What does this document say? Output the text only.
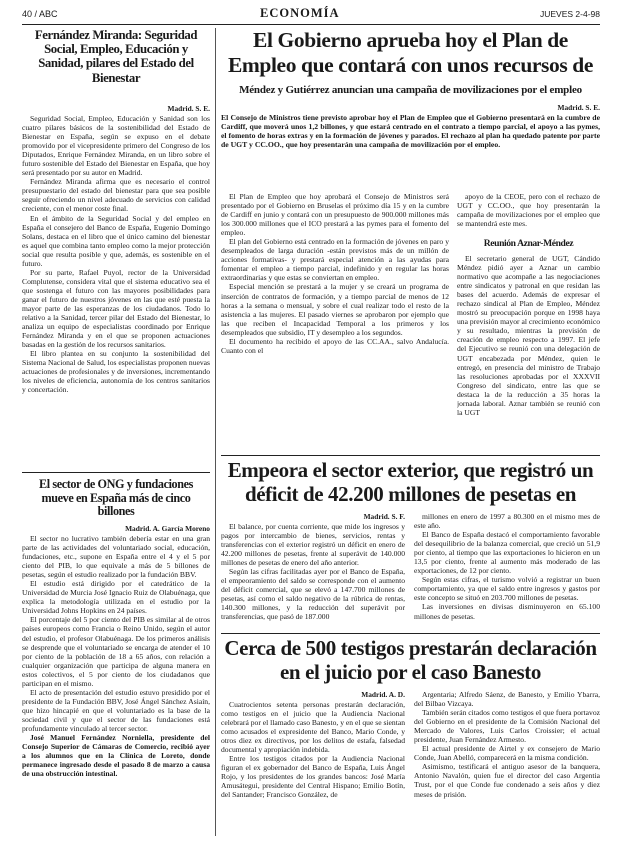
40 / ABC	ECONOMÍA	JUEVES 2-4-98
Fernández Miranda: Seguridad Social, Empleo, Educación y Sanidad, pilares del Estado del Bienestar
Madrid. S. E.

Seguridad Social, Empleo, Educación y Sanidad son los cuatro pilares básicos de la sostenibilidad del Estado de Bienestar en España, según se expuso en el debate promovido por el vicepresidente primero del Congreso de los Diputados, Enrique Fernández Miranda, en un libro sobre el futuro sostenible del Estado del Bienestar en España, que hoy será presentado por su autor en Madrid.

Fernández Miranda afirma que es necesario el control presupuestario del estado del bienestar para que sea posible seguir ofreciendo un nivel adecuado de servicios con calidad creciente, con el menor coste final.

En el ámbito de la Seguridad Social y del empleo en España el consejero del Banco de España, Eugenio Domingo Solans, destaca en el libro que el único camino del bienestar es aquel que combina tanto empleo como la mejor protección social que resulta posible y que, además, es sostenible en el futuro.

Por su parte, Rafael Puyol, rector de la Universidad Complutense, considera vital que el sistema educativo sea el que sostenga el futuro con las mayores posibilidades para ganar el futuro de nuestros jóvenes en las que esté puesta la mayor parte de las esperanzas de los ciudadanos. Todo lo relativo a la Sanidad, tercer pilar del Estado del Bienestar, lo analiza un equipo de especialistas coordinado por Enrique Fernández Miranda y en el que se proponen actuaciones basadas en la gestión de los recursos sanitarios.

El libro plantea en su conjunto la sostenibilidad del Sistema Nacional de Salud, los especialistas proponen nuevas actuaciones de profesionales y de inversiones, incrementando los niveles de eficiencia, autonomía de los centros sanitarios y concertación.

El sector de ONG y fundaciones mueve en España más de cinco billones
Madrid. A. García Moreno

El sector no lucrativo también debería estar en una gran parte de las actividades del voluntariado social, educación, fundaciones, etc., supone en España entre el 4 y el 5 por ciento del PIB, lo que equivale a más de 5 billones de pesetas, según el estudio realizado por la fundación BBV.

El estudio está dirigido por el catedrático de la Universidad de Murcia José Ignacio Ruiz de Olabuénaga, que explica la metodología utilizada en el estudio por la Universidad Johns Hopkins en 24 países.

El porcentaje del 5 por ciento del PIB es similar al de otros países europeos como Francia o Reino Unido, según el autor del estudio, el profesor Olabuénaga. De los primeros análisis se desprende que el voluntariado se encarga de atender el 10 por ciento de la población de 18 a 65 años, con relación a cualquier organización que participa de alguna manera en estos colectivos, el 5 por ciento de los ciudadanos que participan en el mismo.

El acto de presentación del estudio estuvo presidido por el presidente de la Fundación BBV, José Ángel Sánchez Asiaín, que hizo hincapié en que el voluntariado es la base de la sociedad civil y que el sector de las fundaciones está profundamente vinculado al tercer sector.

José Manuel Fernández Norniella, presidente del Consejo Superior de Cámaras de Comercio, recibió ayer a los alumnos que en la Clínica de Loreto, donde permanece ingresado desde el pasado 8 de marzo a causa de una obstrucción intestinal.

El Gobierno aprueba hoy el Plan de Empleo que contará con unos recursos de
Méndez y Gutiérrez anuncian una campaña de movilizaciones por el empleo
Madrid. S. E.
El Consejo de Ministros tiene previsto aprobar hoy el Plan de Empleo que el Gobierno presentará en la cumbre de Cardiff, que moverá unos 1,2 billones, y que estará centrado en el contrato a tiempo parcial, el apoyo a las pymes, el fomento de horas extras y en la formación de jóvenes y parados. El rechazo al plan ha quedado patente por parte de UGT y CC.OO., que hoy presentarán una campaña de movilización por el empleo.

El Plan de Empleo que hoy aprobará el Consejo de Ministros será presentado por el Gobierno en Bruselas el próximo día 15 y en la cumbre de Cardiff en junio y contará con un presupuesto de 900.000 millones más los 300.000 millones que el ICO prestará a las pymes para el fomento del empleo.

El plan del Gobierno está centrado en la formación de jóvenes en paro y desempleados de larga duración -están previstos más de un millón de acciones formativas- y prestará especial atención a las ayudas para fomentar el empleo a tiempo parcial, indefinido y en regular las horas extraordinarias y que estas se conviertan en empleo.

Especial mención se prestará a la mujer y se creará un programa de inserción de contratos de formación, y a tiempo parcial de menos de 12 horas a la semana o mensual, y sobre el cual realizar todo el resto de la asistencia a las mujeres. El pasado viernes se aprobaron por ejemplo que las que reciben el Incapacidad Temporal a los primeros y los desempleados que subsidio, IT y desempleo a los segundos.

El documento ha recibido el apoyo de las CC.AA., salvo Andalucía. Cuanto con el

apoyo de la CEOE, pero con el rechazo de UGT y CC.OO., que hoy presentarán la campaña de movilizaciones por el empleo que se mantendrá este mes.

Reunión Aznar-Méndez

El secretario general de UGT, Cándido Méndez pidió ayer a Aznar un cambio normativo que acompañe a las negociaciones entre sindicatos y patronal en que residan las bases del acuerdo. Además de expresar el rechazo sindical al Plan de Empleo, Méndez mostró su preocupación porque en 1998 haya una previsión mayor al crecimiento económico y su resultado, mientras la previsión de creación de empleo respecto a 1997. El jefe del Ejecutivo se reunió con una delegación de UGT encabezada por Méndez, quien le entregó, en presencia del ministro de Trabajo las resoluciones aprobadas por el XXXVII Congreso del sindicato, entre las que se destaca la de la reducción a 35 horas la jornada laboral. Aznar también se reunió con la UGT

Empeora el sector exterior, que registró un déficit de 42.200 millones de pesetas en
Madrid. S. F.

El balance, por cuenta corriente, que mide los ingresos y pagos por intercambio de bienes, servicios, rentas y transferencias con el exterior registró un déficit en enero de 42.200 millones de pesetas, frente al superávit de 140.000 millones de pesetas de enero del año anterior.

Según las cifras facilitadas ayer por el Banco de España, el empeoramiento del saldo se corresponde con el aumento del déficit comercial, que se elevó a 147.700 millones de pesetas, así como el saldo negativo de la rúbrica de rentas, 140.300 millones, y la reducción del superávit por transferencias, que pasó de 187.000

millones en enero de 1997 a 80.300 en el mismo mes de este año.

El Banco de España destacó el comportamiento favorable del desequilibrio de la balanza comercial, que creció un 51,9 por ciento, al tiempo que las exportaciones lo hicieron en un 13,5 por ciento, frente al aumento más moderado de las exportaciones, de 12 por ciento.

Según estas cifras, el turismo volvió a registrar un buen comportamiento, ya que el saldo entre ingresos y gastos por este concepto se situó en 203.700 millones de pesetas.

Las inversiones en divisas disminuyeron en 65.100 millones de pesetas.

Cerca de 500 testigos prestarán declaración en el juicio por el caso Banesto
Madrid. A. D.

Cuatrocientos setenta personas prestarán declaración, como testigos en el juicio que la Audiencia Nacional celebrará por el llamado caso Banesto, y en el que se sientan como acusados el expresidente del Banco, Mario Conde, y otros diez ex directivos, por los delitos de estafa, falsedad documental y apropiación indebida.

Entre los testigos citados por la Audiencia Nacional figuran el ex gobernador del Banco de España, Luis Ángel Rojo, y los presidentes de los grandes bancos: José María Amusátegui, presidente del Central Hispano; Emilio Botín, del Santander; Francisco González, de

Argentaria; Alfredo Sáenz, de Banesto, y Emilio Ybarra, del Bilbao Vizcaya.

También serán citados como testigos el que fuera portavoz del Gobierno en el presidente de la Comisión Nacional del Mercado de Valores, Luis Carlos Croissier; el actual presidente, Juan Fernández Armesto.

El actual presidente de Airtel y ex consejero de Mario Conde, Juan Abelló, comparecerá en la misma condición.

Asimismo, testificará el antiguo asesor de la banquera, Antonio Navalón, quien fue el director del caso Argentia Trust, por el que Conde fue condenado a seis años y diez meses de prisión.
